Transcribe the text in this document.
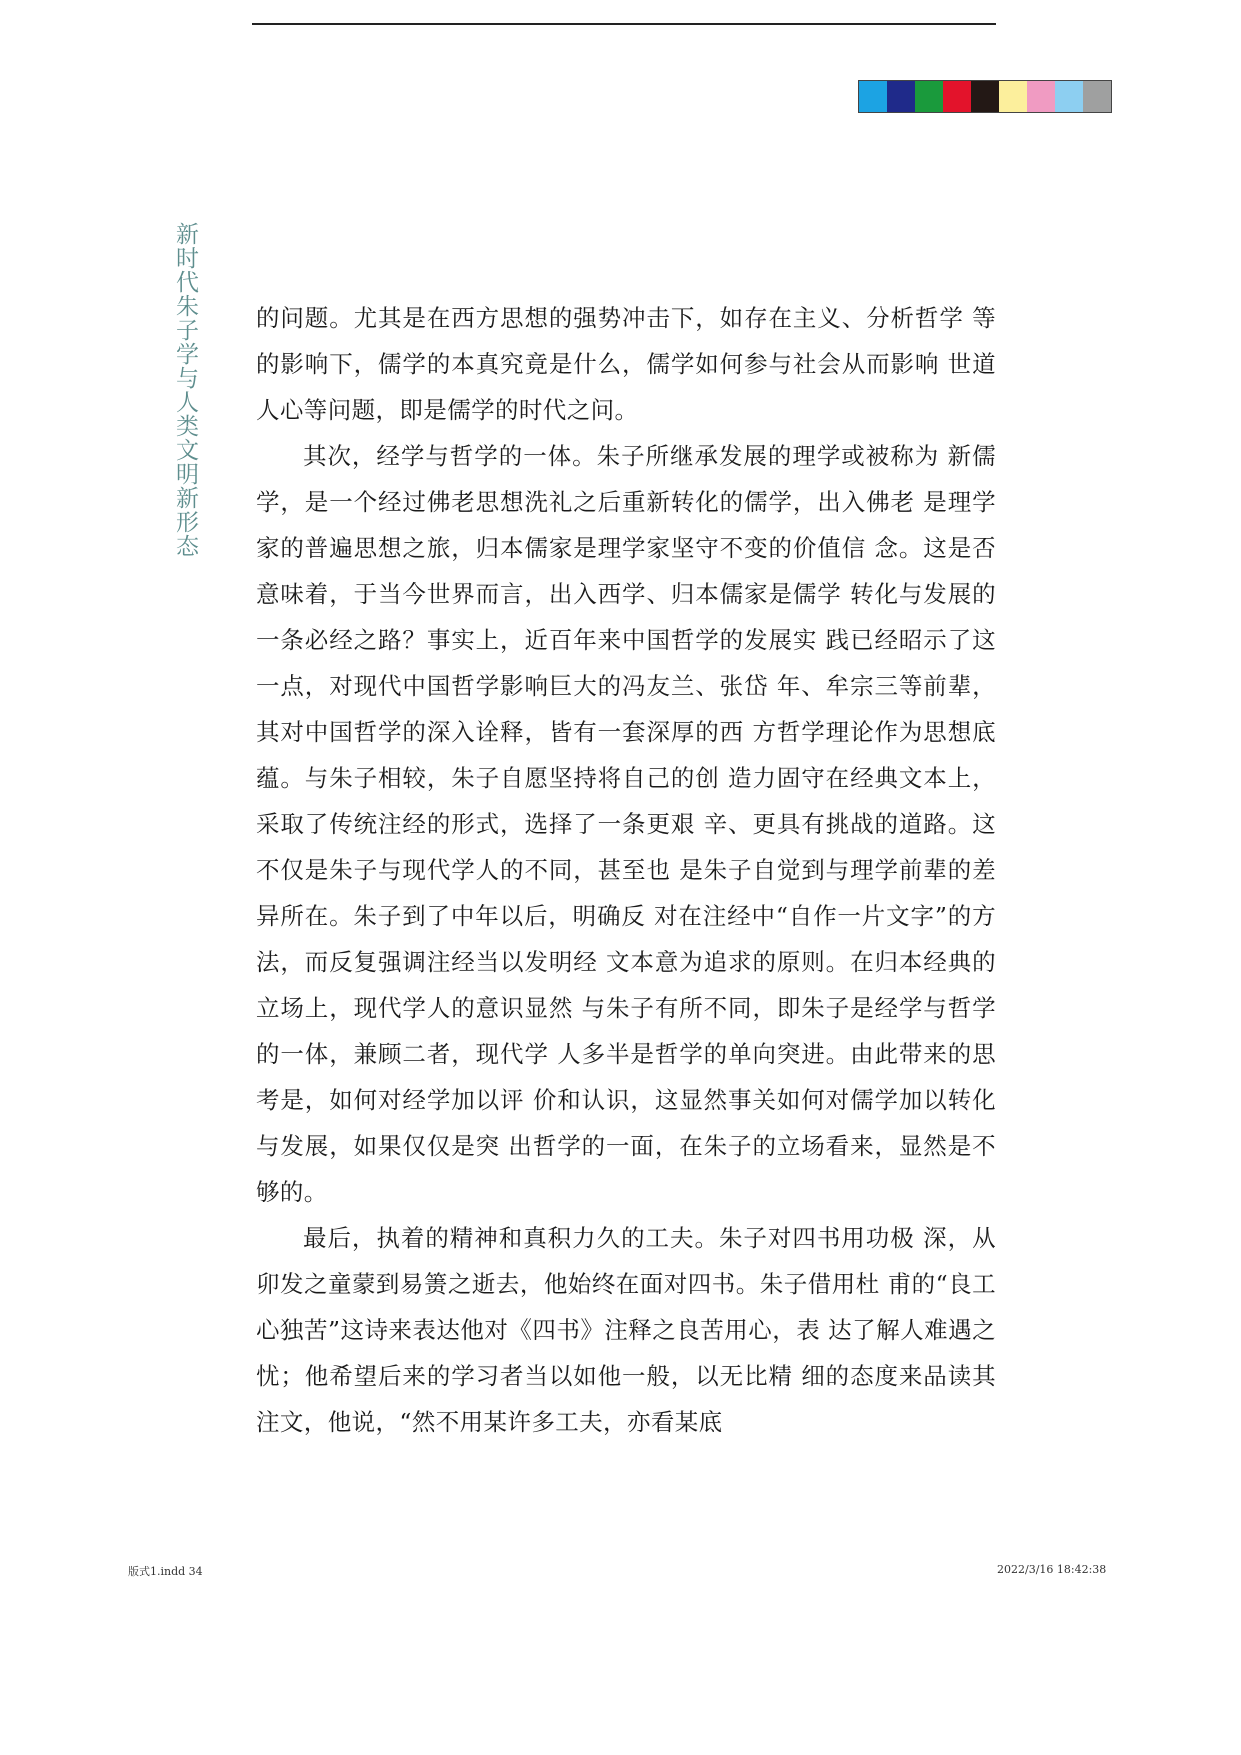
新时代朱子学与人类文明新形态 的问题。尤其是在西方思想的强势冲击下，如存在主义、分析哲学 等的影响下，儒学的本真究竟是什么，儒学如何参与社会从而影响 世道人心等问题，即是儒学的时代之问。

其次，经学与哲学的一体。朱子所继承发展的理学或被称为 新儒学，是一个经过佛老思想洗礼之后重新转化的儒学，出入佛老 是理学家的普遍思想之旅，归本儒家是理学家坚守不变的价值信 念。这是否意味着，于当今世界而言，出入西学、归本儒家是儒学 转化与发展的一条必经之路？事实上，近百年来中国哲学的发展实 践已经昭示了这一点，对现代中国哲学影响巨大的冯友兰、张岱 年、牟宗三等前辈，其对中国哲学的深入诠释，皆有一套深厚的西 方哲学理论作为思想底蕴。与朱子相较，朱子自愿坚持将自己的创 造力固守在经典文本上，采取了传统注经的形式，选择了一条更艰 辛、更具有挑战的道路。这不仅是朱子与现代学人的不同，甚至也 是朱子自觉到与理学前辈的差异所在。朱子到了中年以后，明确反 对在注经中“自作一片文字”的方法，而反复强调注经当以发明经 文本意为追求的原则。在归本经典的立场上，现代学人的意识显然 与朱子有所不同，即朱子是经学与哲学的一体，兼顾二者，现代学 人多半是哲学的单向突进。由此带来的思考是，如何对经学加以评 价和认识，这显然事关如何对儒学加以转化与发展，如果仅仅是突 出哲学的一面，在朱子的立场看来，显然是不够的。

最后，执着的精神和真积力久的工夫。朱子对四书用功极 深，从卯发之童蒙到易箦之逝去，他始终在面对四书。朱子借用杜 甫的“良工心独苦”这诗来表达他对《四书》注释之良苦用心，表 达了解人难遇之忧；他希望后来的学习者当以如他一般，以无比精 细的态度来品读其注文，他说，“然不用某许多工夫，亦看某底

版式1.indd 34	2022/3/16 18:42:38
